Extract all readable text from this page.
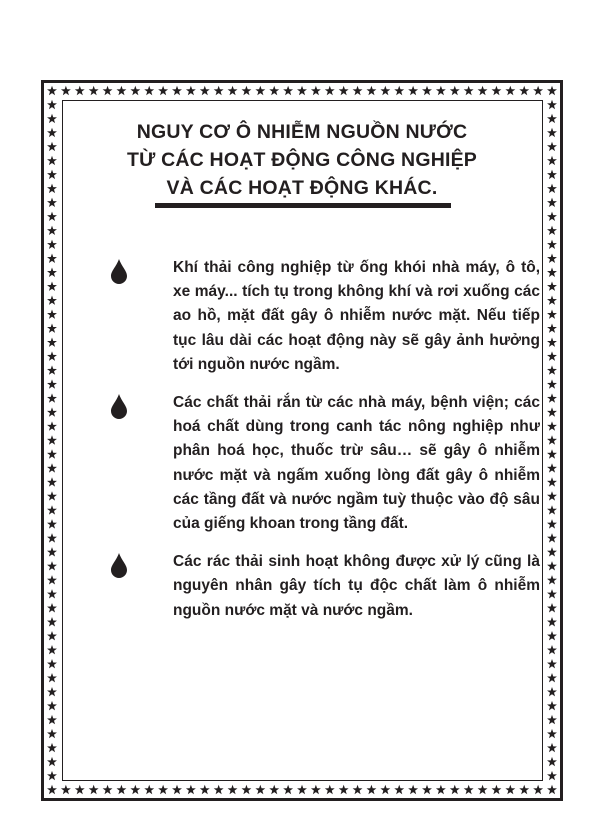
NGUY CƠ Ô NHIỄM NGUỒN NƯỚC
TỪ CÁC HOẠT ĐỘNG CÔNG NGHIỆP
VÀ CÁC HOẠT ĐỘNG KHÁC.
Khí thải công nghiệp từ ống khói nhà máy, ô tô, xe máy... tích tụ trong không khí và rơi xuống các ao hồ, mặt đất gây ô nhiễm nước mặt. Nếu tiếp tục lâu dài các hoạt động này sẽ gây ảnh hưởng tới nguồn nước ngầm.
Các chất thải rắn từ các nhà máy, bệnh viện; các hoá chất dùng trong canh tác nông nghiệp như phân hoá học, thuốc trừ sâu… sẽ gây ô nhiễm nước mặt và ngấm xuống lòng đất gây ô nhiễm các tầng đất và nước ngầm tuỳ thuộc vào độ sâu của giếng khoan trong tầng đất.
Các rác thải sinh hoạt không được xử lý cũng là nguyên nhân gây tích tụ độc chất làm ô nhiễm nguồn nước mặt và nước ngầm.
